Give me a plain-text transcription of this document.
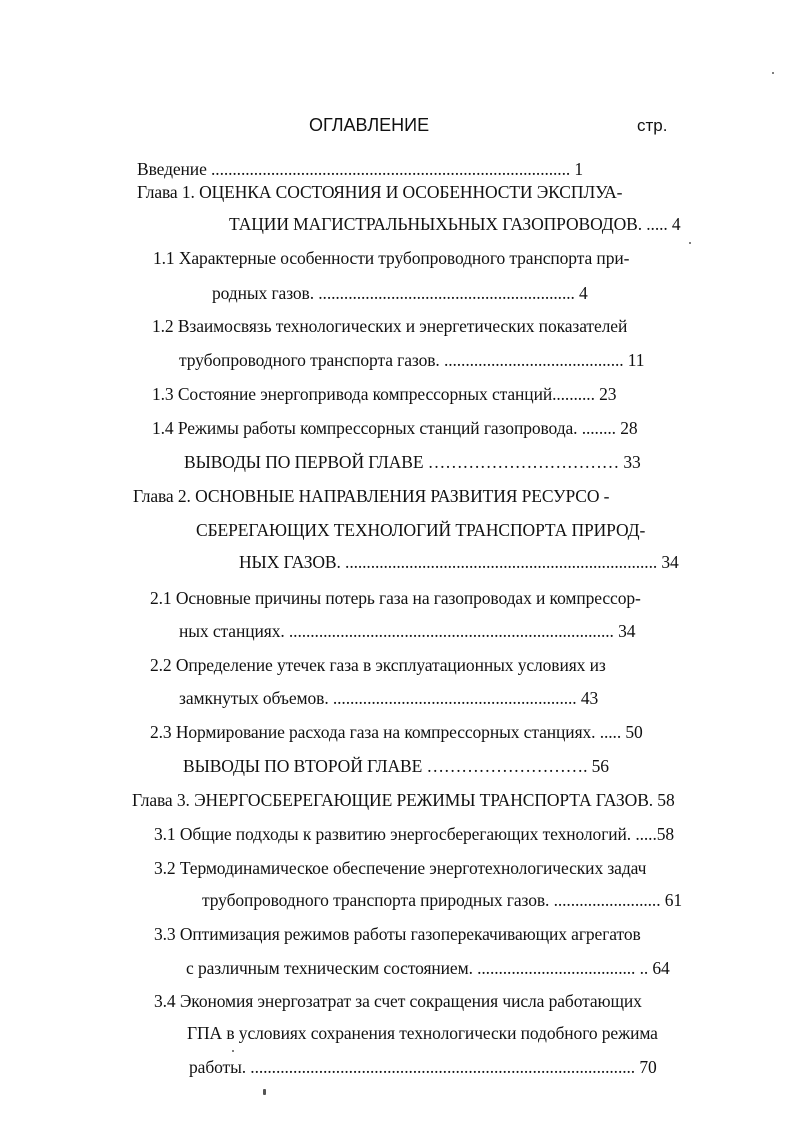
ОГЛАВЛЕНИЕ	стр.
Введение .................................................................................... 1
Глава 1. ОЦЕНКА СОСТОЯНИЯ И ОСОБЕННОСТИ ЭКСПЛУА-
ТАЦИИ МАГИСТРАЛЬНЫХЬНЫХ ГАЗОПРОВОДОВ. ..... 4
1.1 Характерные особенности трубопроводного транспорта при-
родных газов. ............................................................ 4
1.2 Взаимосвязь технологических и энергетических показателей
трубопроводного транспорта газов. .......................................... 11
1.3 Состояние энергопривода компрессорных станций.......... 23
1.4 Режимы работы компрессорных станций газопровода. ........ 28
ВЫВОДЫ ПО ПЕРВОЙ ГЛАВЕ …………………………… 33
Глава 2. ОСНОВНЫЕ НАПРАВЛЕНИЯ РАЗВИТИЯ РЕСУРСО -
СБЕРЕГАЮЩИХ ТЕХНОЛОГИЙ ТРАНСПОРТА ПРИРОД-
НЫХ ГАЗОВ. ......................................................................... 34
2.1 Основные причины потерь газа на газопроводах и компрессор-
ных станциях. ............................................................................ 34
2.2 Определение утечек газа в эксплуатационных условиях из
замкнутых объемов. ......................................................... 43
2.3 Нормирование расхода газа на компрессорных станциях. ..... 50
ВЫВОДЫ ПО ВТОРОЙ ГЛАВЕ ………………………. 56
Глава 3. ЭНЕРГОСБЕРЕГАЮЩИЕ РЕЖИМЫ ТРАНСПОРТА ГАЗОВ. 58
3.1 Общие подходы к развитию энергосберегающих технологий. .....58
3.2 Термодинамическое обеспечение энерготехнологических задач
трубопроводного транспорта природных газов. ......................... 61
3.3 Оптимизация режимов работы газоперекачивающих агрегатов
с различным техническим состоянием. ..................................... .. 64
3.4 Экономия энергозатрат за счет сокращения числа работающих
ГПА в условиях сохранения технологически подобного режима
работы. .......................................................................................... 70
